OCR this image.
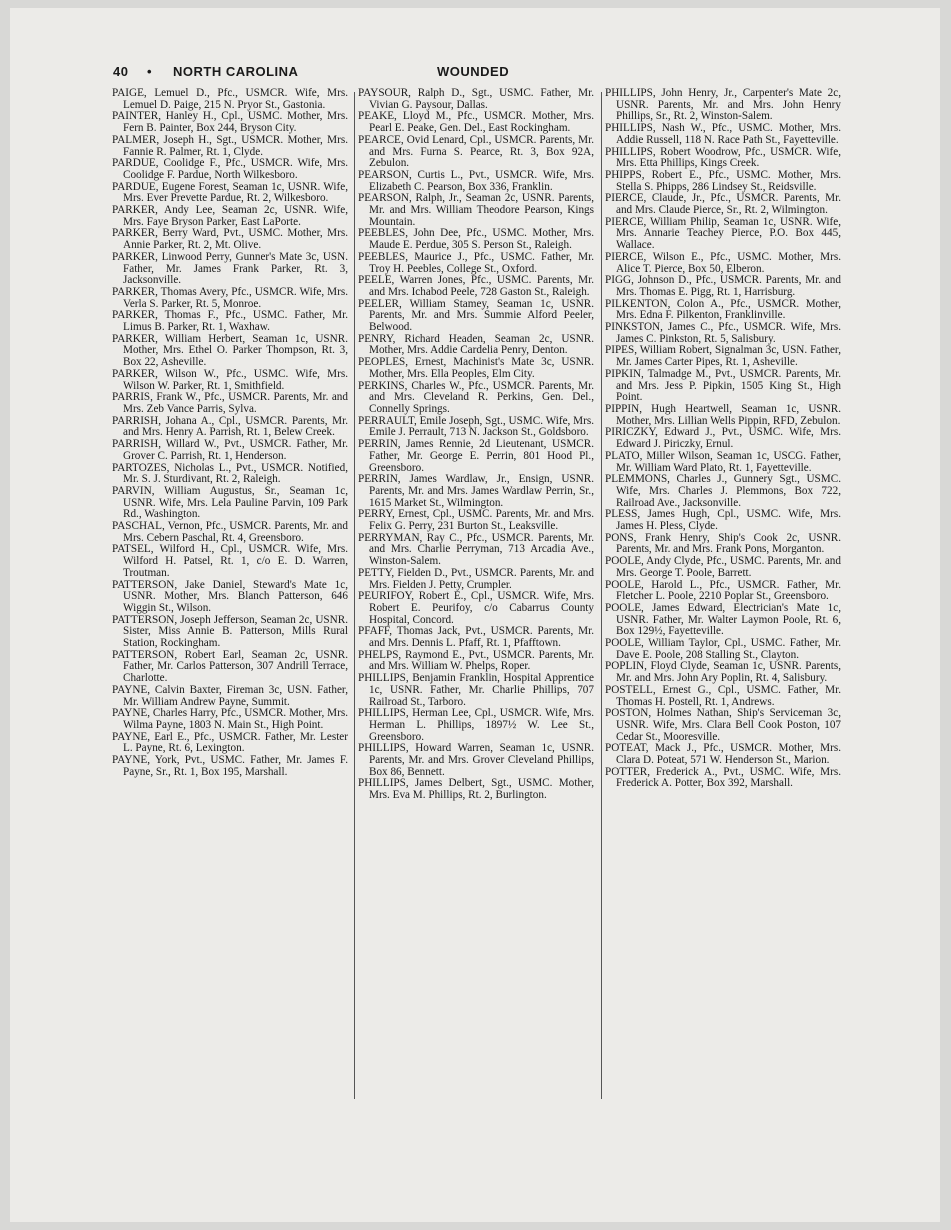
40 • NORTH CAROLINA	WOUNDED

PAIGE, Lemuel D., Pfc., USMCR. Wife, Mrs. Lemuel D. Paige, 215 N. Pryor St., Gastonia.

PAINTER, Hanley H., Cpl., USMC. Mother, Mrs. Fern B. Painter, Box 244, Bryson City.

PALMER, Joseph H., Sgt., USMCR. Mother, Mrs. Fannie R. Palmer, Rt. 1, Clyde.

PARDUE, Coolidge F., Pfc., USMCR. Wife, Mrs. Coolidge F. Pardue, North Wilkesboro.

PARDUE, Eugene Forest, Seaman 1c, USNR. Wife, Mrs. Ever Prevette Pardue, Rt. 2, Wilkesboro.

PARKER, Andy Lee, Seaman 2c, USNR. Wife, Mrs. Faye Bryson Parker, East LaPorte.

PARKER, Berry Ward, Pvt., USMC. Mother, Mrs. Annie Parker, Rt. 2, Mt. Olive.

PARKER, Linwood Perry, Gunner's Mate 3c, USN. Father, Mr. James Frank Parker, Rt. 3, Jacksonville.

PARKER, Thomas Avery, Pfc., USMCR. Wife, Mrs. Verla S. Parker, Rt. 5, Monroe.

PARKER, Thomas F., Pfc., USMC. Father, Mr. Limus B. Parker, Rt. 1, Waxhaw.

PARKER, William Herbert, Seaman 1c, USNR. Mother, Mrs. Ethel O. Parker Thompson, Rt. 3, Box 22, Asheville.

PARKER, Wilson W., Pfc., USMC. Wife, Mrs. Wilson W. Parker, Rt. 1, Smithfield.

PARRIS, Frank W., Pfc., USMCR. Parents, Mr. and Mrs. Zeb Vance Parris, Sylva.

PARRISH, Johana A., Cpl., USMCR. Parents, Mr. and Mrs. Henry A. Parrish, Rt. 1, Belew Creek.

PARRISH, Willard W., Pvt., USMCR. Father, Mr. Grover C. Parrish, Rt. 1, Henderson.

PARTOZES, Nicholas L., Pvt., USMCR. Notified, Mr. S. J. Sturdivant, Rt. 2, Raleigh.

PARVIN, William Augustus, Sr., Seaman 1c, USNR. Wife, Mrs. Lela Pauline Parvin, 109 Park Rd., Washington.

PASCHAL, Vernon, Pfc., USMCR. Parents, Mr. and Mrs. Cebern Paschal, Rt. 4, Greensboro.

PATSEL, Wilford H., Cpl., USMCR. Wife, Mrs. Wilford H. Patsel, Rt. 1, c/o E. D. Warren, Troutman.

PATTERSON, Jake Daniel, Steward's Mate 1c, USNR. Mother, Mrs. Blanch Patterson, 646 Wiggin St., Wilson.

PATTERSON, Joseph Jefferson, Seaman 2c, USNR. Sister, Miss Annie B. Patterson, Mills Rural Station, Rockingham.

PATTERSON, Robert Earl, Seaman 2c, USNR. Father, Mr. Carlos Patterson, 307 Andrill Terrace, Charlotte.

PAYNE, Calvin Baxter, Fireman 3c, USN. Father, Mr. William Andrew Payne, Summit.

PAYNE, Charles Harry, Pfc., USMCR. Mother, Mrs. Wilma Payne, 1803 N. Main St., High Point.

PAYNE, Earl E., Pfc., USMCR. Father, Mr. Lester L. Payne, Rt. 6, Lexington.

PAYNE, York, Pvt., USMC. Father, Mr. James F. Payne, Sr., Rt. 1, Box 195, Marshall.

PAYSOUR, Ralph D., Sgt., USMC. Father, Mr. Vivian G. Paysour, Dallas.

PEAKE, Lloyd M., Pfc., USMCR. Mother, Mrs. Pearl E. Peake, Gen. Del., East Rockingham.

PEARCE, Ovid Lenard, Cpl., USMCR. Parents, Mr. and Mrs. Furna S. Pearce, Rt. 3, Box 92A, Zebulon.

PEARSON, Curtis L., Pvt., USMCR. Wife, Mrs. Elizabeth C. Pearson, Box 336, Franklin.

PEARSON, Ralph, Jr., Seaman 2c, USNR. Parents, Mr. and Mrs. William Theodore Pearson, Kings Mountain.

PEEBLES, John Dee, Pfc., USMC. Mother, Mrs. Maude E. Perdue, 305 S. Person St., Raleigh.

PEEBLES, Maurice J., Pfc., USMC. Father, Mr. Troy H. Peebles, College St., Oxford.

PEELE, Warren Jones, Pfc., USMC. Parents, Mr. and Mrs. Ichabod Peele, 728 Gaston St., Raleigh.

PEELER, William Stamey, Seaman 1c, USNR. Parents, Mr. and Mrs. Summie Alford Peeler, Belwood.

PENRY, Richard Headen, Seaman 2c, USNR. Mother, Mrs. Addie Cardelia Penry, Denton.

PEOPLES, Ernest, Machinist's Mate 3c, USNR. Mother, Mrs. Ella Peoples, Elm City.

PERKINS, Charles W., Pfc., USMCR. Parents, Mr. and Mrs. Cleveland R. Perkins, Gen. Del., Connelly Springs.

PERRAULT, Emile Joseph, Sgt., USMC. Wife, Mrs. Emile J. Perrault, 713 N. Jackson St., Goldsboro.

PERRIN, James Rennie, 2d Lieutenant, USMCR. Father, Mr. George E. Perrin, 801 Hood Pl., Greensboro.

PERRIN, James Wardlaw, Jr., Ensign, USNR. Parents, Mr. and Mrs. James Wardlaw Perrin, Sr., 1615 Market St., Wilmington.

PERRY, Ernest, Cpl., USMC. Parents, Mr. and Mrs. Felix G. Perry, 231 Burton St., Leaksville.

PERRYMAN, Ray C., Pfc., USMCR. Parents, Mr. and Mrs. Charlie Perryman, 713 Arcadia Ave., Winston-Salem.

PETTY, Fielden D., Pvt., USMCR. Parents, Mr. and Mrs. Fielden J. Petty, Crumpler.

PEURIFOY, Robert E., Cpl., USMCR. Wife, Mrs. Robert E. Peurifoy, c/o Cabarrus County Hospital, Concord.

PFAFF, Thomas Jack, Pvt., USMCR. Parents, Mr. and Mrs. Dennis L. Pfaff, Rt. 1, Pfafftown.

PHELPS, Raymond E., Pvt., USMCR. Parents, Mr. and Mrs. William W. Phelps, Roper.

PHILLIPS, Benjamin Franklin, Hospital Apprentice 1c, USNR. Father, Mr. Charlie Phillips, 707 Railroad St., Tarboro.

PHILLIPS, Herman Lee, Cpl., USMCR. Wife, Mrs. Herman L. Phillips, 1897½ W. Lee St., Greensboro.

PHILLIPS, Howard Warren, Seaman 1c, USNR. Parents, Mr. and Mrs. Grover Cleveland Phillips, Box 86, Bennett.

PHILLIPS, James Delbert, Sgt., USMC. Mother, Mrs. Eva M. Phillips, Rt. 2, Burlington.

PHILLIPS, John Henry, Jr., Carpenter's Mate 2c, USNR. Parents, Mr. and Mrs. John Henry Phillips, Sr., Rt. 2, Winston-Salem.

PHILLIPS, Nash W., Pfc., USMC. Mother, Mrs. Addie Russell, 118 N. Race Path St., Fayetteville.

PHILLIPS, Robert Woodrow, Pfc., USMCR. Wife, Mrs. Etta Phillips, Kings Creek.

PHIPPS, Robert E., Pfc., USMC. Mother, Mrs. Stella S. Phipps, 286 Lindsey St., Reidsville.

PIERCE, Claude, Jr., Pfc., USMCR. Parents, Mr. and Mrs. Claude Pierce, Sr., Rt. 2, Wilmington.

PIERCE, William Philip, Seaman 1c, USNR. Wife, Mrs. Annarie Teachey Pierce, P.O. Box 445, Wallace.

PIERCE, Wilson E., Pfc., USMC. Mother, Mrs. Alice T. Pierce, Box 50, Elberon.

PIGG, Johnson D., Pfc., USMCR. Parents, Mr. and Mrs. Thomas E. Pigg, Rt. 1, Harrisburg.

PILKENTON, Colon A., Pfc., USMCR. Mother, Mrs. Edna F. Pilkenton, Franklinville.

PINKSTON, James C., Pfc., USMCR. Wife, Mrs. James C. Pinkston, Rt. 5, Salisbury.

PIPES, William Robert, Signalman 3c, USN. Father, Mr. James Carter Pipes, Rt. 1, Asheville.

PIPKIN, Talmadge M., Pvt., USMCR. Parents, Mr. and Mrs. Jess P. Pipkin, 1505 King St., High Point.

PIPPIN, Hugh Heartwell, Seaman 1c, USNR. Mother, Mrs. Lillian Wells Pippin, RFD, Zebulon.

PIRICZKY, Edward J., Pvt., USMC. Wife, Mrs. Edward J. Piriczky, Ernul.

PLATO, Miller Wilson, Seaman 1c, USCG. Father, Mr. William Ward Plato, Rt. 1, Fayetteville.

PLEMMONS, Charles J., Gunnery Sgt., USMC. Wife, Mrs. Charles J. Plemmons, Box 722, Railroad Ave., Jacksonville.

PLESS, James Hugh, Cpl., USMC. Wife, Mrs. James H. Pless, Clyde.

PONS, Frank Henry, Ship's Cook 2c, USNR. Parents, Mr. and Mrs. Frank Pons, Morganton.

POOLE, Andy Clyde, Pfc., USMC. Parents, Mr. and Mrs. George T. Poole, Barrett.

POOLE, Harold L., Pfc., USMCR. Father, Mr. Fletcher L. Poole, 2210 Poplar St., Greensboro.

POOLE, James Edward, Electrician's Mate 1c, USNR. Father, Mr. Walter Laymon Poole, Rt. 6, Box 129½, Fayetteville.

POOLE, William Taylor, Cpl., USMC. Father, Mr. Dave E. Poole, 208 Stalling St., Clayton.

POPLIN, Floyd Clyde, Seaman 1c, USNR. Parents, Mr. and Mrs. John Ary Poplin, Rt. 4, Salisbury.

POSTELL, Ernest G., Cpl., USMC. Father, Mr. Thomas H. Postell, Rt. 1, Andrews.

POSTON, Holmes Nathan, Ship's Serviceman 3c, USNR. Wife, Mrs. Clara Bell Cook Poston, 107 Cedar St., Mooresville.

POTEAT, Mack J., Pfc., USMCR. Mother, Mrs. Clara D. Poteat, 571 W. Henderson St., Marion.

POTTER, Frederick A., Pvt., USMC. Wife, Mrs. Frederick A. Potter, Box 392, Marshall.
